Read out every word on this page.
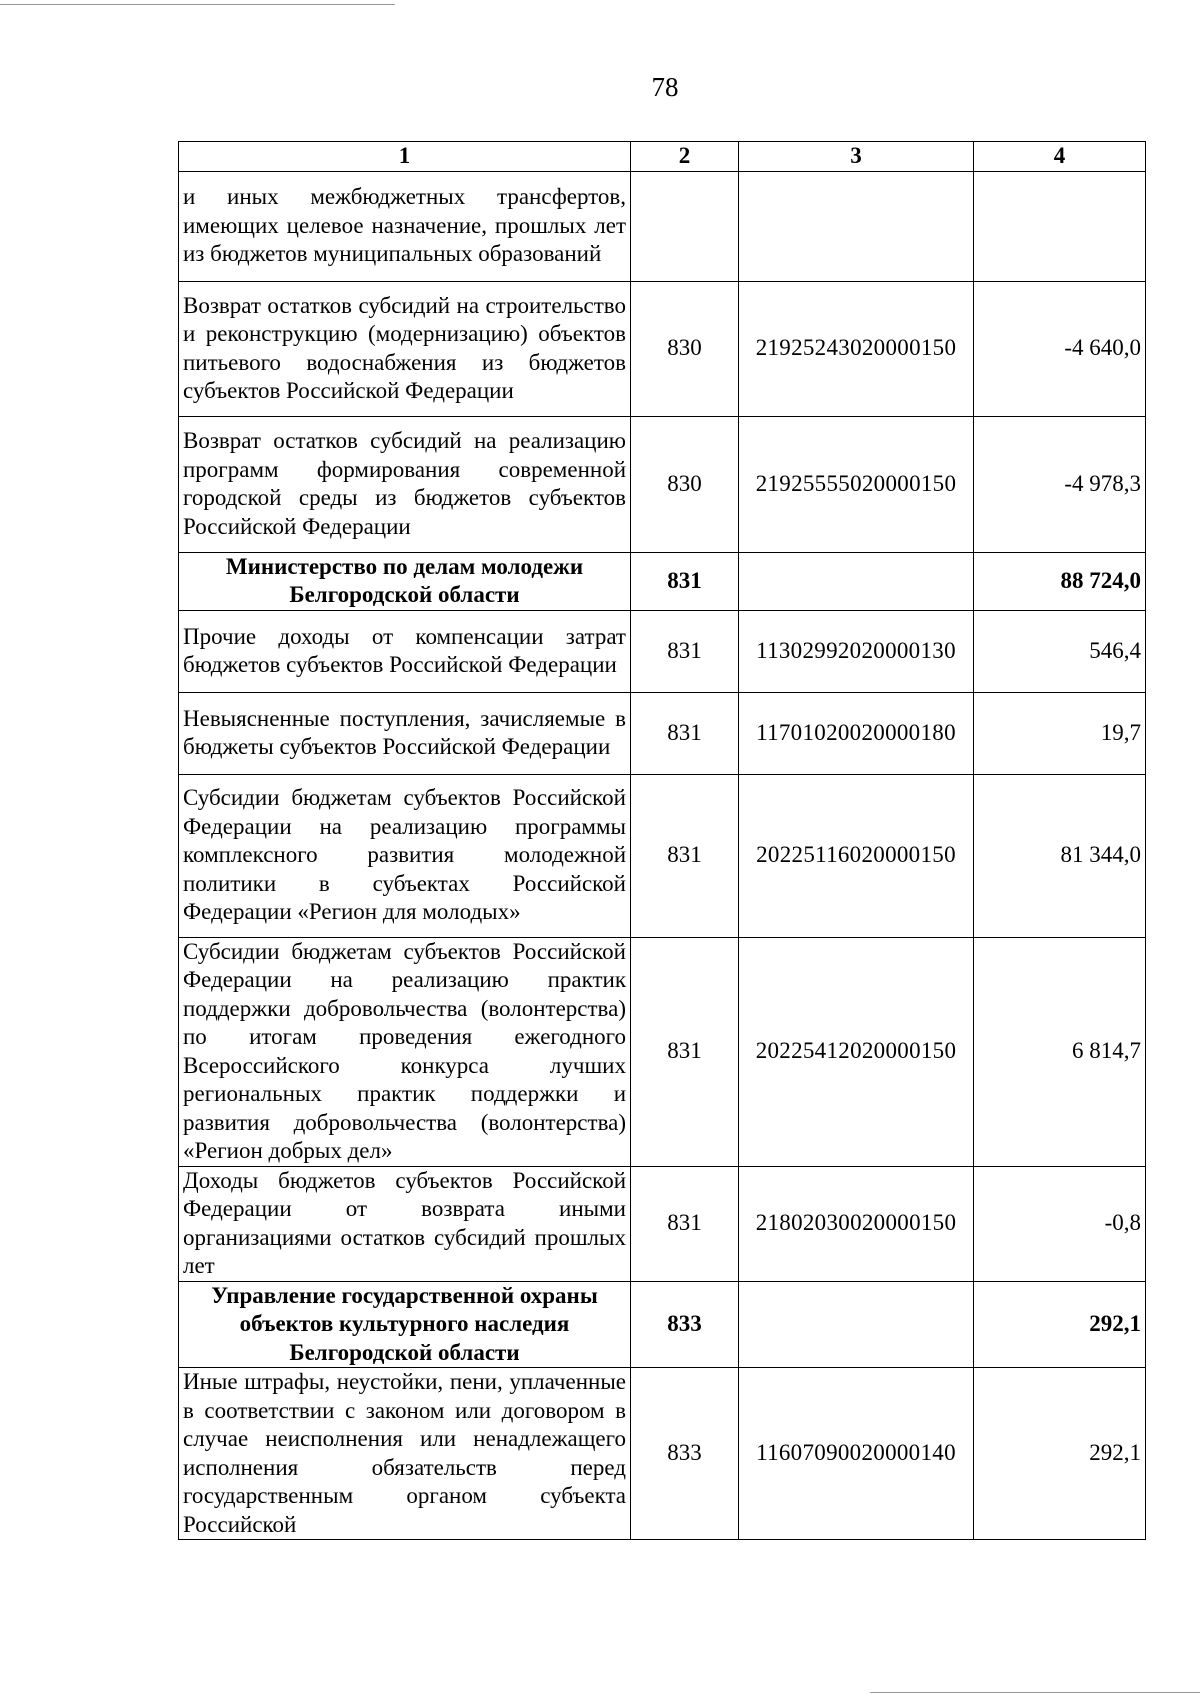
78
1	2	3	4
и иных межбюджетных трансфертов, имеющих целевое назначение, прошлых лет из бюджетов муниципальных образований			
Возврат остатков субсидий на строительство и реконструкцию (модернизацию) объектов питьевого водоснабжения из бюджетов субъектов Российской Федерации	830	21925243020000150	-4 640,0
Возврат остатков субсидий на реализацию программ формирования современной городской среды из бюджетов субъектов Российской Федерации	830	21925555020000150	-4 978,3
Министерство по делам молодежи Белгородской области	831		88 724,0
Прочие доходы от компенсации затрат бюджетов субъектов Российской Федерации	831	11302992020000130	546,4
Невыясненные поступления, зачисляемые в бюджеты субъектов Российской Федерации	831	11701020020000180	19,7
Субсидии бюджетам субъектов Российской Федерации на реализацию программы комплексного развития молодежной политики в субъектах Российской Федерации «Регион для молодых»	831	20225116020000150	81 344,0
Субсидии бюджетам субъектов Российской Федерации на реализацию практик поддержки добровольчества (волонтерства) по итогам проведения ежегодного Всероссийского конкурса лучших региональных практик поддержки и развития добровольчества (волонтерства) «Регион добрых дел»	831	20225412020000150	6 814,7
Доходы бюджетов субъектов Российской Федерации от возврата иными организациями остатков субсидий прошлых лет	831	21802030020000150	-0,8
Управление государственной охраны объектов культурного наследия Белгородской области	833		292,1
Иные штрафы, неустойки, пени, уплаченные в соответствии с законом или договором в случае неисполнения или ненадлежащего исполнения обязательств перед государственным органом субъекта Российской	833	11607090020000140	292,1
